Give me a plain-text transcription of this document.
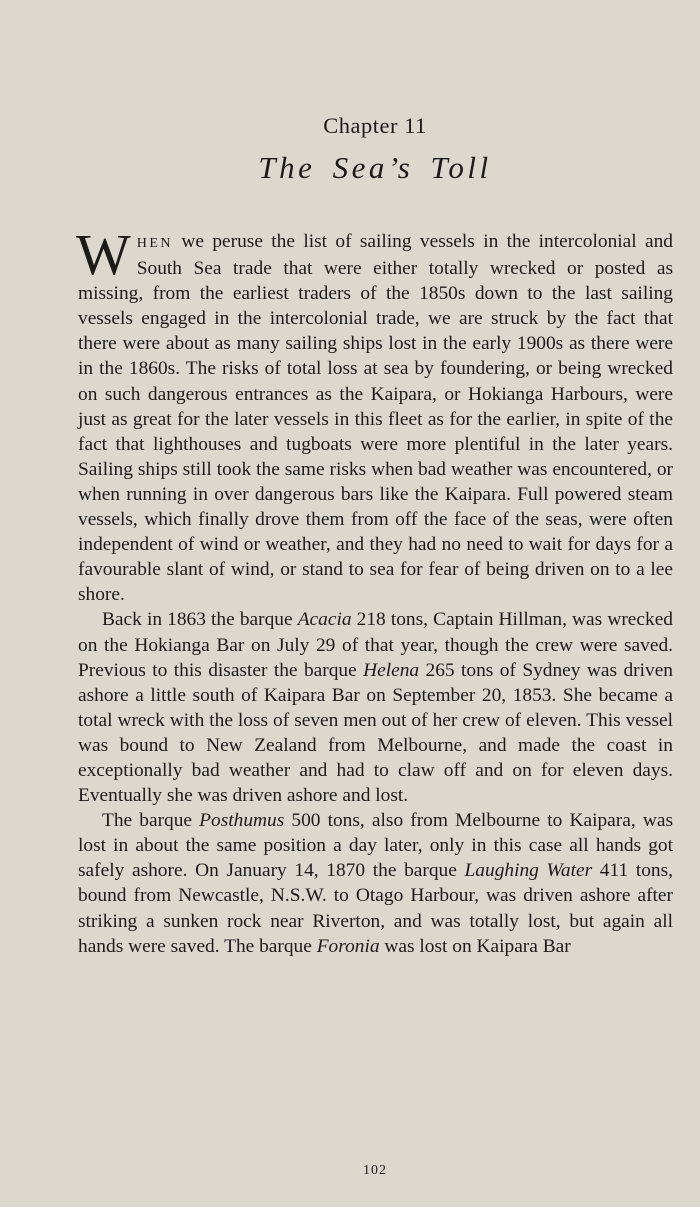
Chapter 11
The Sea’s Toll

WHEN we peruse the list of sailing vessels in the intercolonial and South Sea trade that were either totally wrecked or posted as missing, from the earliest traders of the 1850s down to the last sailing vessels engaged in the intercolonial trade, we are struck by the fact that there were about as many sailing ships lost in the early 1900s as there were in the 1860s. The risks of total loss at sea by foundering, or being wrecked on such dangerous entrances as the Kaipara, or Hokianga Harbours, were just as great for the later vessels in this fleet as for the earlier, in spite of the fact that lighthouses and tugboats were more plentiful in the later years. Sailing ships still took the same risks when bad weather was encountered, or when running in over dangerous bars like the Kaipara. Full powered steam vessels, which finally drove them from off the face of the seas, were often independent of wind or weather, and they had no need to wait for days for a favourable slant of wind, or stand to sea for fear of being driven on to a lee shore.

Back in 1863 the barque Acacia 218 tons, Captain Hillman, was wrecked on the Hokianga Bar on July 29 of that year, though the crew were saved. Previous to this disaster the barque Helena 265 tons of Sydney was driven ashore a little south of Kaipara Bar on September 20, 1853. She became a total wreck with the loss of seven men out of her crew of eleven. This vessel was bound to New Zealand from Melbourne, and made the coast in exceptionally bad weather and had to claw off and on for eleven days. Eventually she was driven ashore and lost.

The barque Posthumus 500 tons, also from Melbourne to Kaipara, was lost in about the same position a day later, only in this case all hands got safely ashore. On January 14, 1870 the barque Laughing Water 411 tons, bound from Newcastle, N.S.W. to Otago Harbour, was driven ashore after striking a sunken rock near Riverton, and was totally lost, but again all hands were saved. The barque Foronia was lost on Kaipara Bar

102
